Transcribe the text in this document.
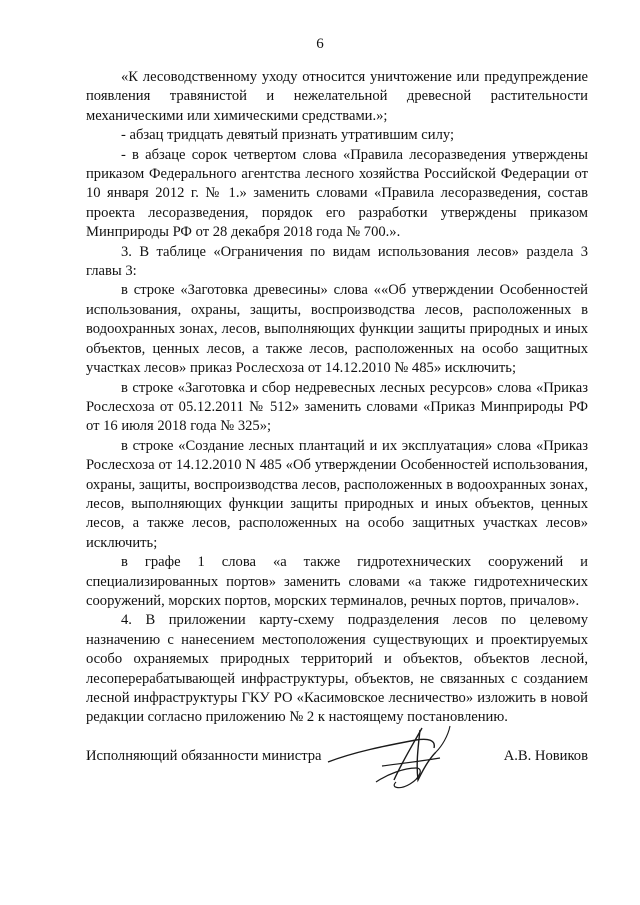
6

«К лесоводственному уходу относится уничтожение или предупреждение появления травянистой и нежелательной древесной растительности механическими или химическими средствами.»;

- абзац тридцать девятый признать утратившим силу;

- в абзаце сорок четвертом слова «Правила лесоразведения утверждены приказом Федерального агентства лесного хозяйства Российской Федерации от 10 января 2012 г. № 1.» заменить словами «Правила лесоразведения, состав проекта лесоразведения, порядок его разработки утверждены приказом Минприроды РФ от 28 декабря 2018 года № 700.».

3. В таблице «Ограничения по видам использования лесов» раздела 3 главы 3:

в строке «Заготовка древесины» слова ««Об утверждении Особенностей использования, охраны, защиты, воспроизводства лесов, расположенных в водоохранных зонах, лесов, выполняющих функции защиты природных и иных объектов, ценных лесов, а также лесов, расположенных на особо защитных участках лесов» приказ Рослесхоза от 14.12.2010 № 485» исключить;

в строке «Заготовка и сбор недревесных лесных ресурсов» слова «Приказ Рослесхоза от 05.12.2011 № 512» заменить словами «Приказ Минприроды РФ от 16 июля 2018 года № 325»;

в строке «Создание лесных плантаций и их эксплуатация» слова «Приказ Рослесхоза от 14.12.2010 N 485 «Об утверждении Особенностей использования, охраны, защиты, воспроизводства лесов, расположенных в водоохранных зонах, лесов, выполняющих функции защиты природных и иных объектов, ценных лесов, а также лесов, расположенных на особо защитных участках лесов» исключить;

в графе 1 слова «а также гидротехнических сооружений и специализированных портов» заменить словами «а также гидротехнических сооружений, морских портов, морских терминалов, речных портов, причалов».

4. В приложении карту-схему подразделения лесов по целевому назначению с нанесением местоположения существующих и проектируемых особо охраняемых природных территорий и объектов, объектов лесной, лесоперерабатывающей инфраструктуры, объектов, не связанных с созданием лесной инфраструктуры ГКУ РО «Касимовское лесничество» изложить в новой редакции согласно приложению № 2 к настоящему постановлению.

Исполняющий обязанности министра	А.В. Новиков
